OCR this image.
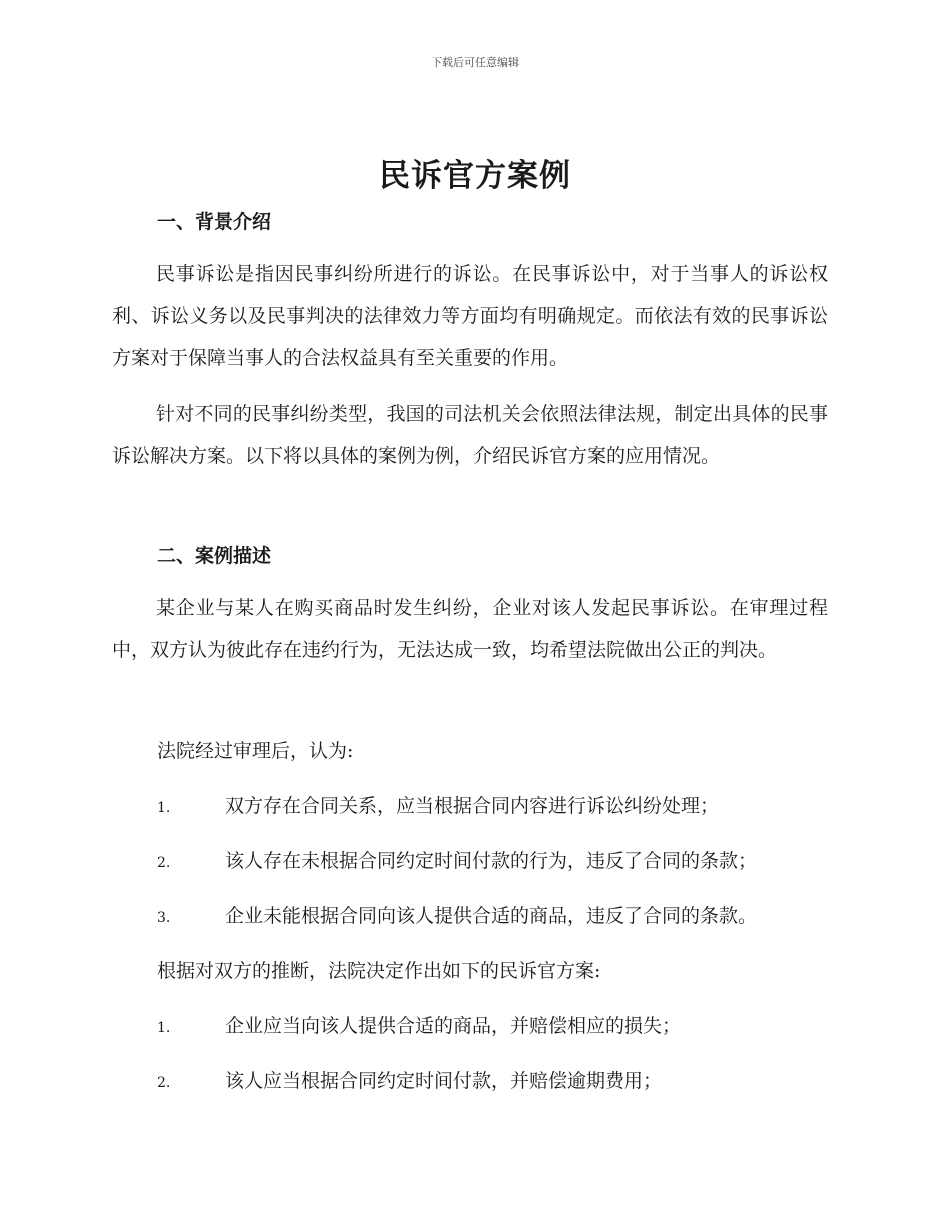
下载后可任意编辑
民诉官方案例
一、背景介绍

民事诉讼是指因民事纠纷所进行的诉讼。在民事诉讼中，对于当事人的诉讼权利、诉讼义务以及民事判决的法律效力等方面均有明确规定。而依法有效的民事诉讼方案对于保障当事人的合法权益具有至关重要的作用。

针对不同的民事纠纷类型，我国的司法机关会依照法律法规，制定出具体的民事诉讼解决方案。以下将以具体的案例为例，介绍民诉官方案的应用情况。

二、案例描述

某企业与某人在购买商品时发生纠纷，企业对该人发起民事诉讼。在审理过程中，双方认为彼此存在违约行为，无法达成一致，均希望法院做出公正的判决。

法院经过审理后，认为:
1.	双方存在合同关系，应当根据合同内容进行诉讼纠纷处理；
2.	该人存在未根据合同约定时间付款的行为，违反了合同的条款；
3.	企业未能根据合同向该人提供合适的商品，违反了合同的条款。
根据对双方的推断，法院决定作出如下的民诉官方案:
1.	企业应当向该人提供合适的商品，并赔偿相应的损失；
2.	该人应当根据合同约定时间付款，并赔偿逾期费用；
